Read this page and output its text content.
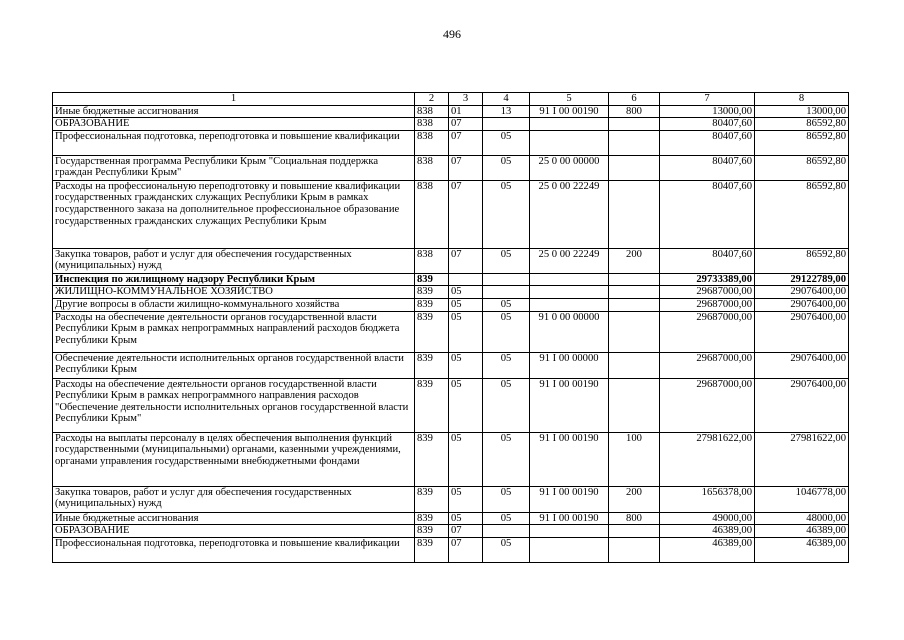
496
1	2	3	4	5	6	7	8
Иные бюджетные ассигнования	838	01	13	91 I 00 00190	800	13000,00	13000,00
ОБРАЗОВАНИЕ	838	07				80407,60	86592,80
Профессиональная подготовка, переподготовка и повышение квалификации	838	07	05			80407,60	86592,80
Государственная программа Республики Крым "Социальная поддержка граждан Республики Крым"	838	07	05	25 0 00 00000		80407,60	86592,80
Расходы на профессиональную переподготовку и повышение квалификации государственных гражданских служащих Республики Крым в рамках государственного заказа на дополнительное профессиональное образование государственных гражданских служащих Республики Крым	838	07	05	25 0 00 22249		80407,60	86592,80
Закупка товаров, работ и услуг для обеспечения государственных (муниципальных) нужд	838	07	05	25 0 00 22249	200	80407,60	86592,80
Инспекция по жилищному надзору Республики Крым	839					29733389,00	29122789,00
ЖИЛИЩНО-КОММУНАЛЬНОЕ ХОЗЯЙСТВО	839	05				29687000,00	29076400,00
Другие вопросы в области жилищно-коммунального хозяйства	839	05	05			29687000,00	29076400,00
Расходы на обеспечение деятельности органов государственной власти Республики Крым в рамках непрограммных направлений расходов бюджета Республики Крым	839	05	05	91 0 00 00000		29687000,00	29076400,00
Обеспечение деятельности исполнительных органов государственной власти Республики Крым	839	05	05	91 I 00 00000		29687000,00	29076400,00
Расходы на обеспечение деятельности органов государственной власти Республики Крым в рамках непрограммного направления расходов "Обеспечение деятельности исполнительных органов государственной власти Республики Крым"	839	05	05	91 I 00 00190		29687000,00	29076400,00
Расходы на выплаты персоналу в целях обеспечения выполнения функций государственными (муниципальными) органами, казенными учреждениями, органами управления государственными внебюджетными фондами	839	05	05	91 I 00 00190	100	27981622,00	27981622,00
Закупка товаров, работ и услуг для обеспечения государственных (муниципальных) нужд	839	05	05	91 I 00 00190	200	1656378,00	1046778,00
Иные бюджетные ассигнования	839	05	05	91 I 00 00190	800	49000,00	48000,00
ОБРАЗОВАНИЕ	839	07				46389,00	46389,00
Профессиональная подготовка, переподготовка и повышение квалификации	839	07	05			46389,00	46389,00
